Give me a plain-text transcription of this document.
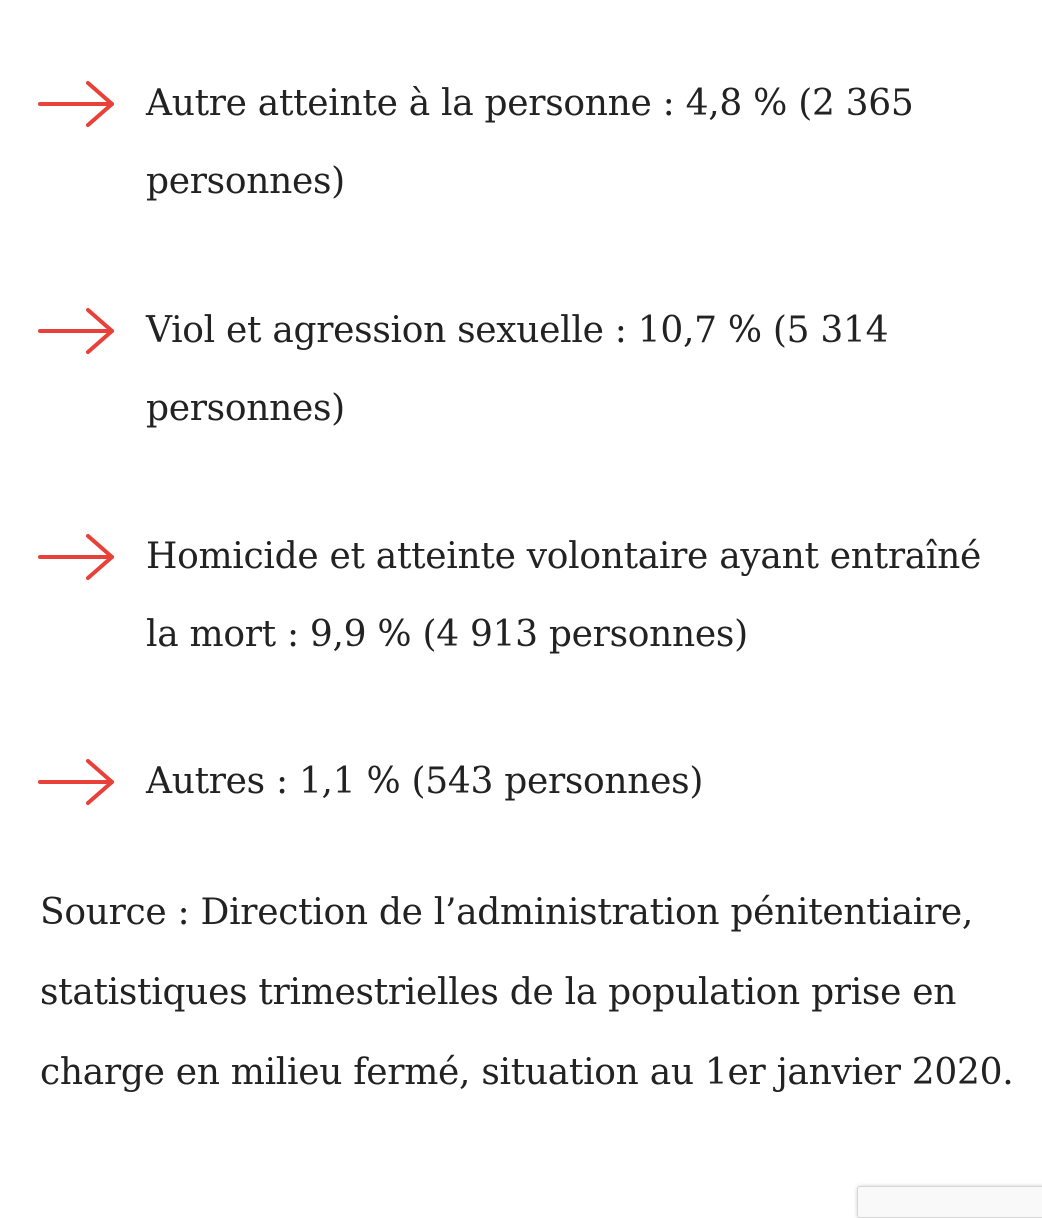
Autre atteinte à la personne : 4,8 % (2 365 personnes)

Viol et agression sexuelle : 10,7 % (5 314 personnes)

Homicide et atteinte volontaire ayant entraîné la mort : 9,9 % (4 913 personnes)

Autres : 1,1 % (543 personnes)

Source : Direction de l’administration pénitentiaire, statistiques trimestrielles de la population prise en charge en milieu fermé, situation au 1er janvier 2020.
